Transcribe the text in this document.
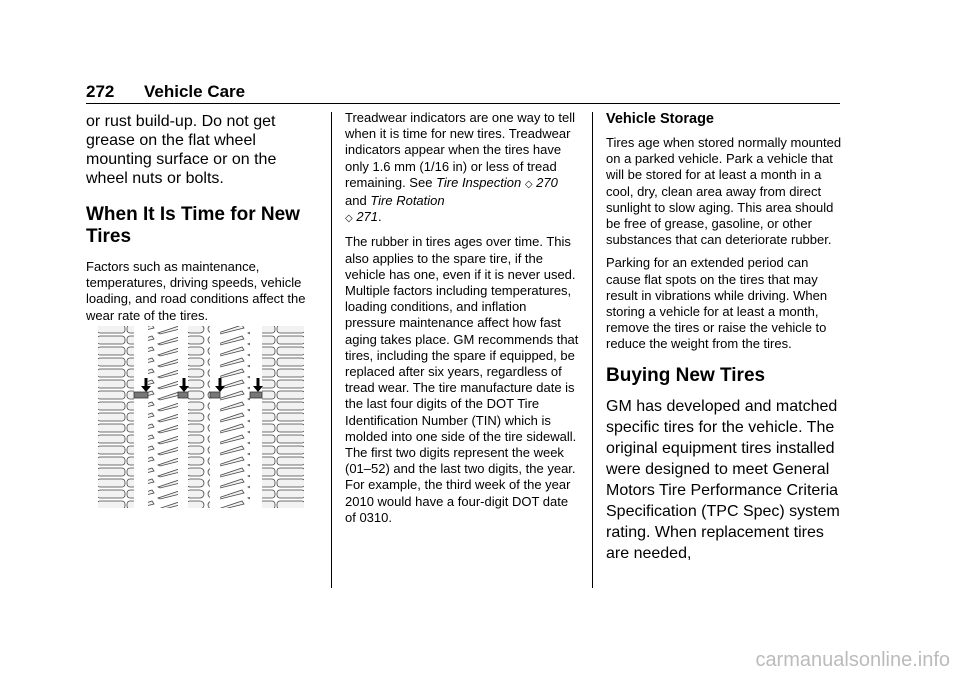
272 Vehicle Care

or rust build-up. Do not get grease on the flat wheel mounting surface or on the wheel nuts or bolts.

When It Is Time for New Tires

Factors such as maintenance, temperatures, driving speeds, vehicle loading, and road conditions affect the wear rate of the tires.

Treadwear indicators are one way to tell when it is time for new tires. Treadwear indicators appear when the tires have only 1.6 mm (1/16 in) or less of tread remaining. See Tire Inspection ◇ 270 and Tire Rotation
◇ 271.

The rubber in tires ages over time. This also applies to the spare tire, if the vehicle has one, even if it is never used. Multiple factors including temperatures, loading conditions, and inflation pressure maintenance affect how fast aging takes place. GM recommends that tires, including the spare if equipped, be replaced after six years, regardless of tread wear. The tire manufacture date is the last four digits of the DOT Tire Identification Number (TIN) which is molded into one side of the tire sidewall. The first two digits represent the week (01–52) and the last two digits, the year. For example, the third week of the year 2010 would have a four-digit DOT date of 0310.

Vehicle Storage

Tires age when stored normally mounted on a parked vehicle. Park a vehicle that will be stored for at least a month in a cool, dry, clean area away from direct sunlight to slow aging. This area should be free of grease, gasoline, or other substances that can deteriorate rubber.

Parking for an extended period can cause flat spots on the tires that may result in vibrations while driving. When storing a vehicle for at least a month, remove the tires or raise the vehicle to reduce the weight from the tires.

Buying New Tires

GM has developed and matched specific tires for the vehicle. The original equipment tires installed were designed to meet General Motors Tire Performance Criteria Specification (TPC Spec) system rating. When replacement tires are needed,

carmanualsonline.info
